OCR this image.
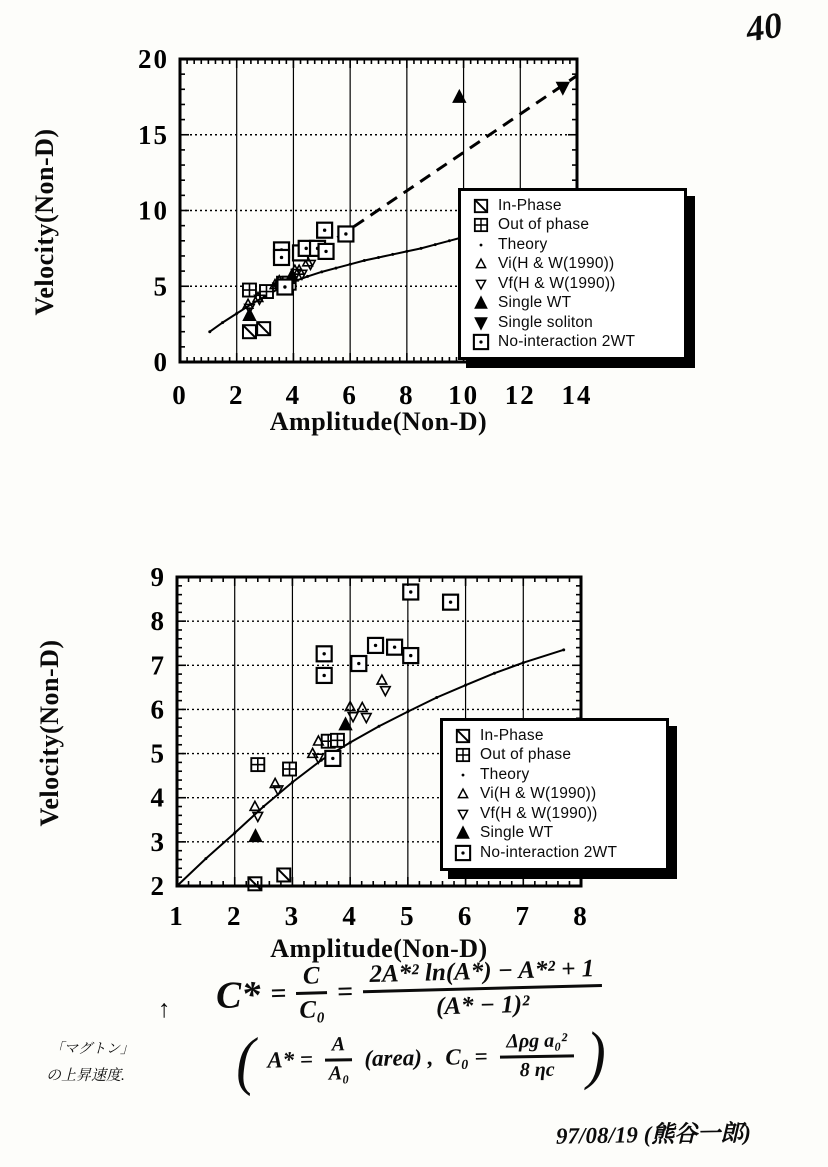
40
0 2 4 6 8 10 12 14
0
5
10
15
20
Velocity(Non-D)
Amplitude(Non-D)
In-Phase
Out of phase
Theory
Vi(H & W(1990))
Vf(H & W(1990))
Single WT
Single soliton
No-interaction 2WT
1 2 3 4 5 6 7 8
2
3
4
5
6
7
8
9
Velocity(Non-D)
Amplitude(Non-D)
In-Phase
Out of phase
Theory
Vi(H & W(1990))
Vf(H & W(1990))
Single WT
No-interaction 2WT
$C* = \frac{C}{\text{C₀}} = \frac{\text{2A*² ln(A*) − A*² + 1}}{\text{(A* − 1)²}}$
( $A* = \frac{A}{\text{A₀}}$ (area) , $C_0 = \frac{\text{Δρg a₀²}}{8 \eta c}$ )
↑
「マグトン」
の上昇速度.
97/08/19 (熊谷一郎)
